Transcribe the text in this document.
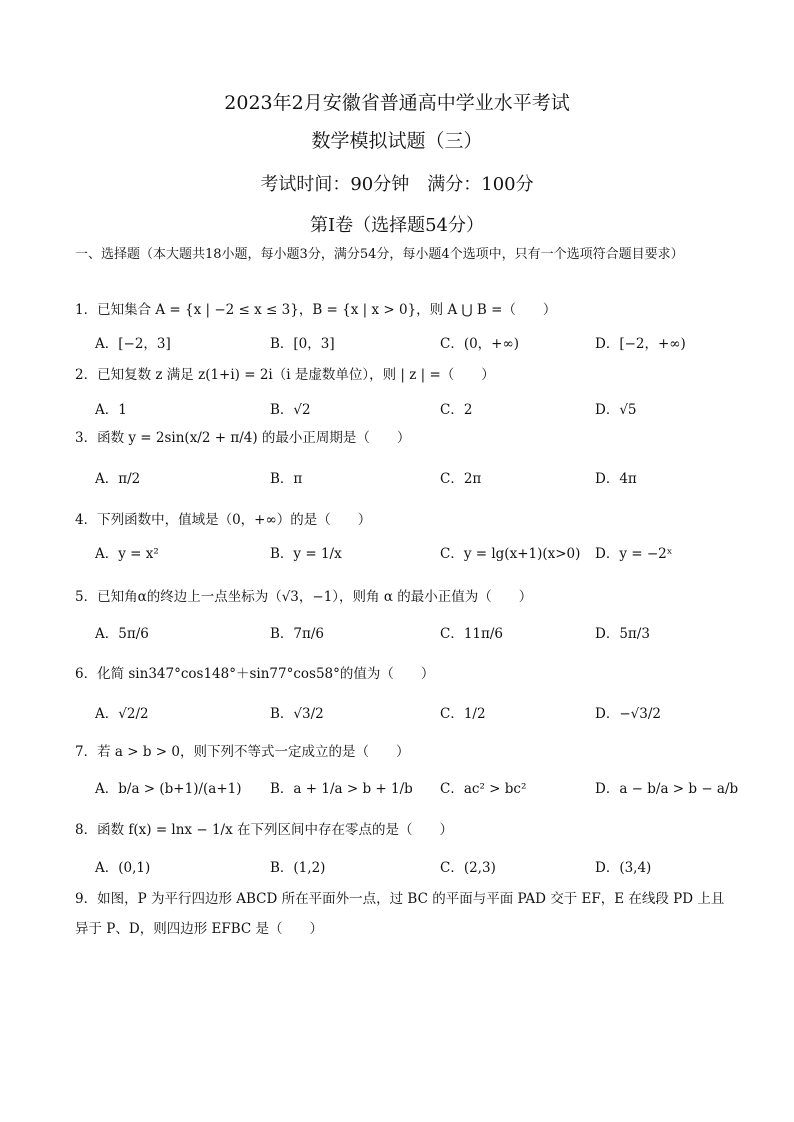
2023年2月安徽省普通高中学业水平考试
数学模拟试题（三）
考试时间：90分钟　满分：100分
第Ⅰ卷（选择题54分）
一、选择题（本大题共18小题，每小题3分，满分54分，每小题4个选项中，只有一个选项符合题目要求）
1．已知集合 A = {x | −2 ≤ x ≤ 3}，B = {x | x > 0}，则 A ⋃ B =（　　）
A．[−2，3]	B．[0，3]	C．(0，+∞)	D．[−2，+∞)
2．已知复数 z 满足 z(1+i) = 2i（i 是虚数单位），则 | z | =（　　）
A．1	B．√2	C．2	D．√5
3．函数 y = 2sin(x/2 + π/4) 的最小正周期是（　　）
A．π/2	B．π	C．2π	D．4π
4．下列函数中，值域是（0，+∞）的是（　　）
A．y = x²	B．y = 1/x	C．y = lg(x+1)(x>0) D．y = −2ˣ
5．已知角α的终边上一点坐标为（√3，−1），则角 α 的最小正值为（　　）
A．5π/6	B．7π/6	C．11π/6	D．5π/3
6．化简 sin347°cos148°＋sin77°cos58°的值为（　　）
A．√2/2	B．√3/2	C．1/2	D．−√3/2
7．若 a > b > 0，则下列不等式一定成立的是（　　）
A．b/a > (b+1)/(a+1) B．a + 1/a > b + 1/b C．ac² > bc²	D．a − b/a > b − a/b
8．函数 f(x) = lnx − 1/x 在下列区间中存在零点的是（　　）
A．(0,1)	B．(1,2)	C．(2,3)	D．(3,4)
9．如图，P 为平行四边形 ABCD 所在平面外一点，过 BC 的平面与平面 PAD 交于 EF，E 在线段 PD 上且异于 P、D，则四边形 EFBC 是（　　）
